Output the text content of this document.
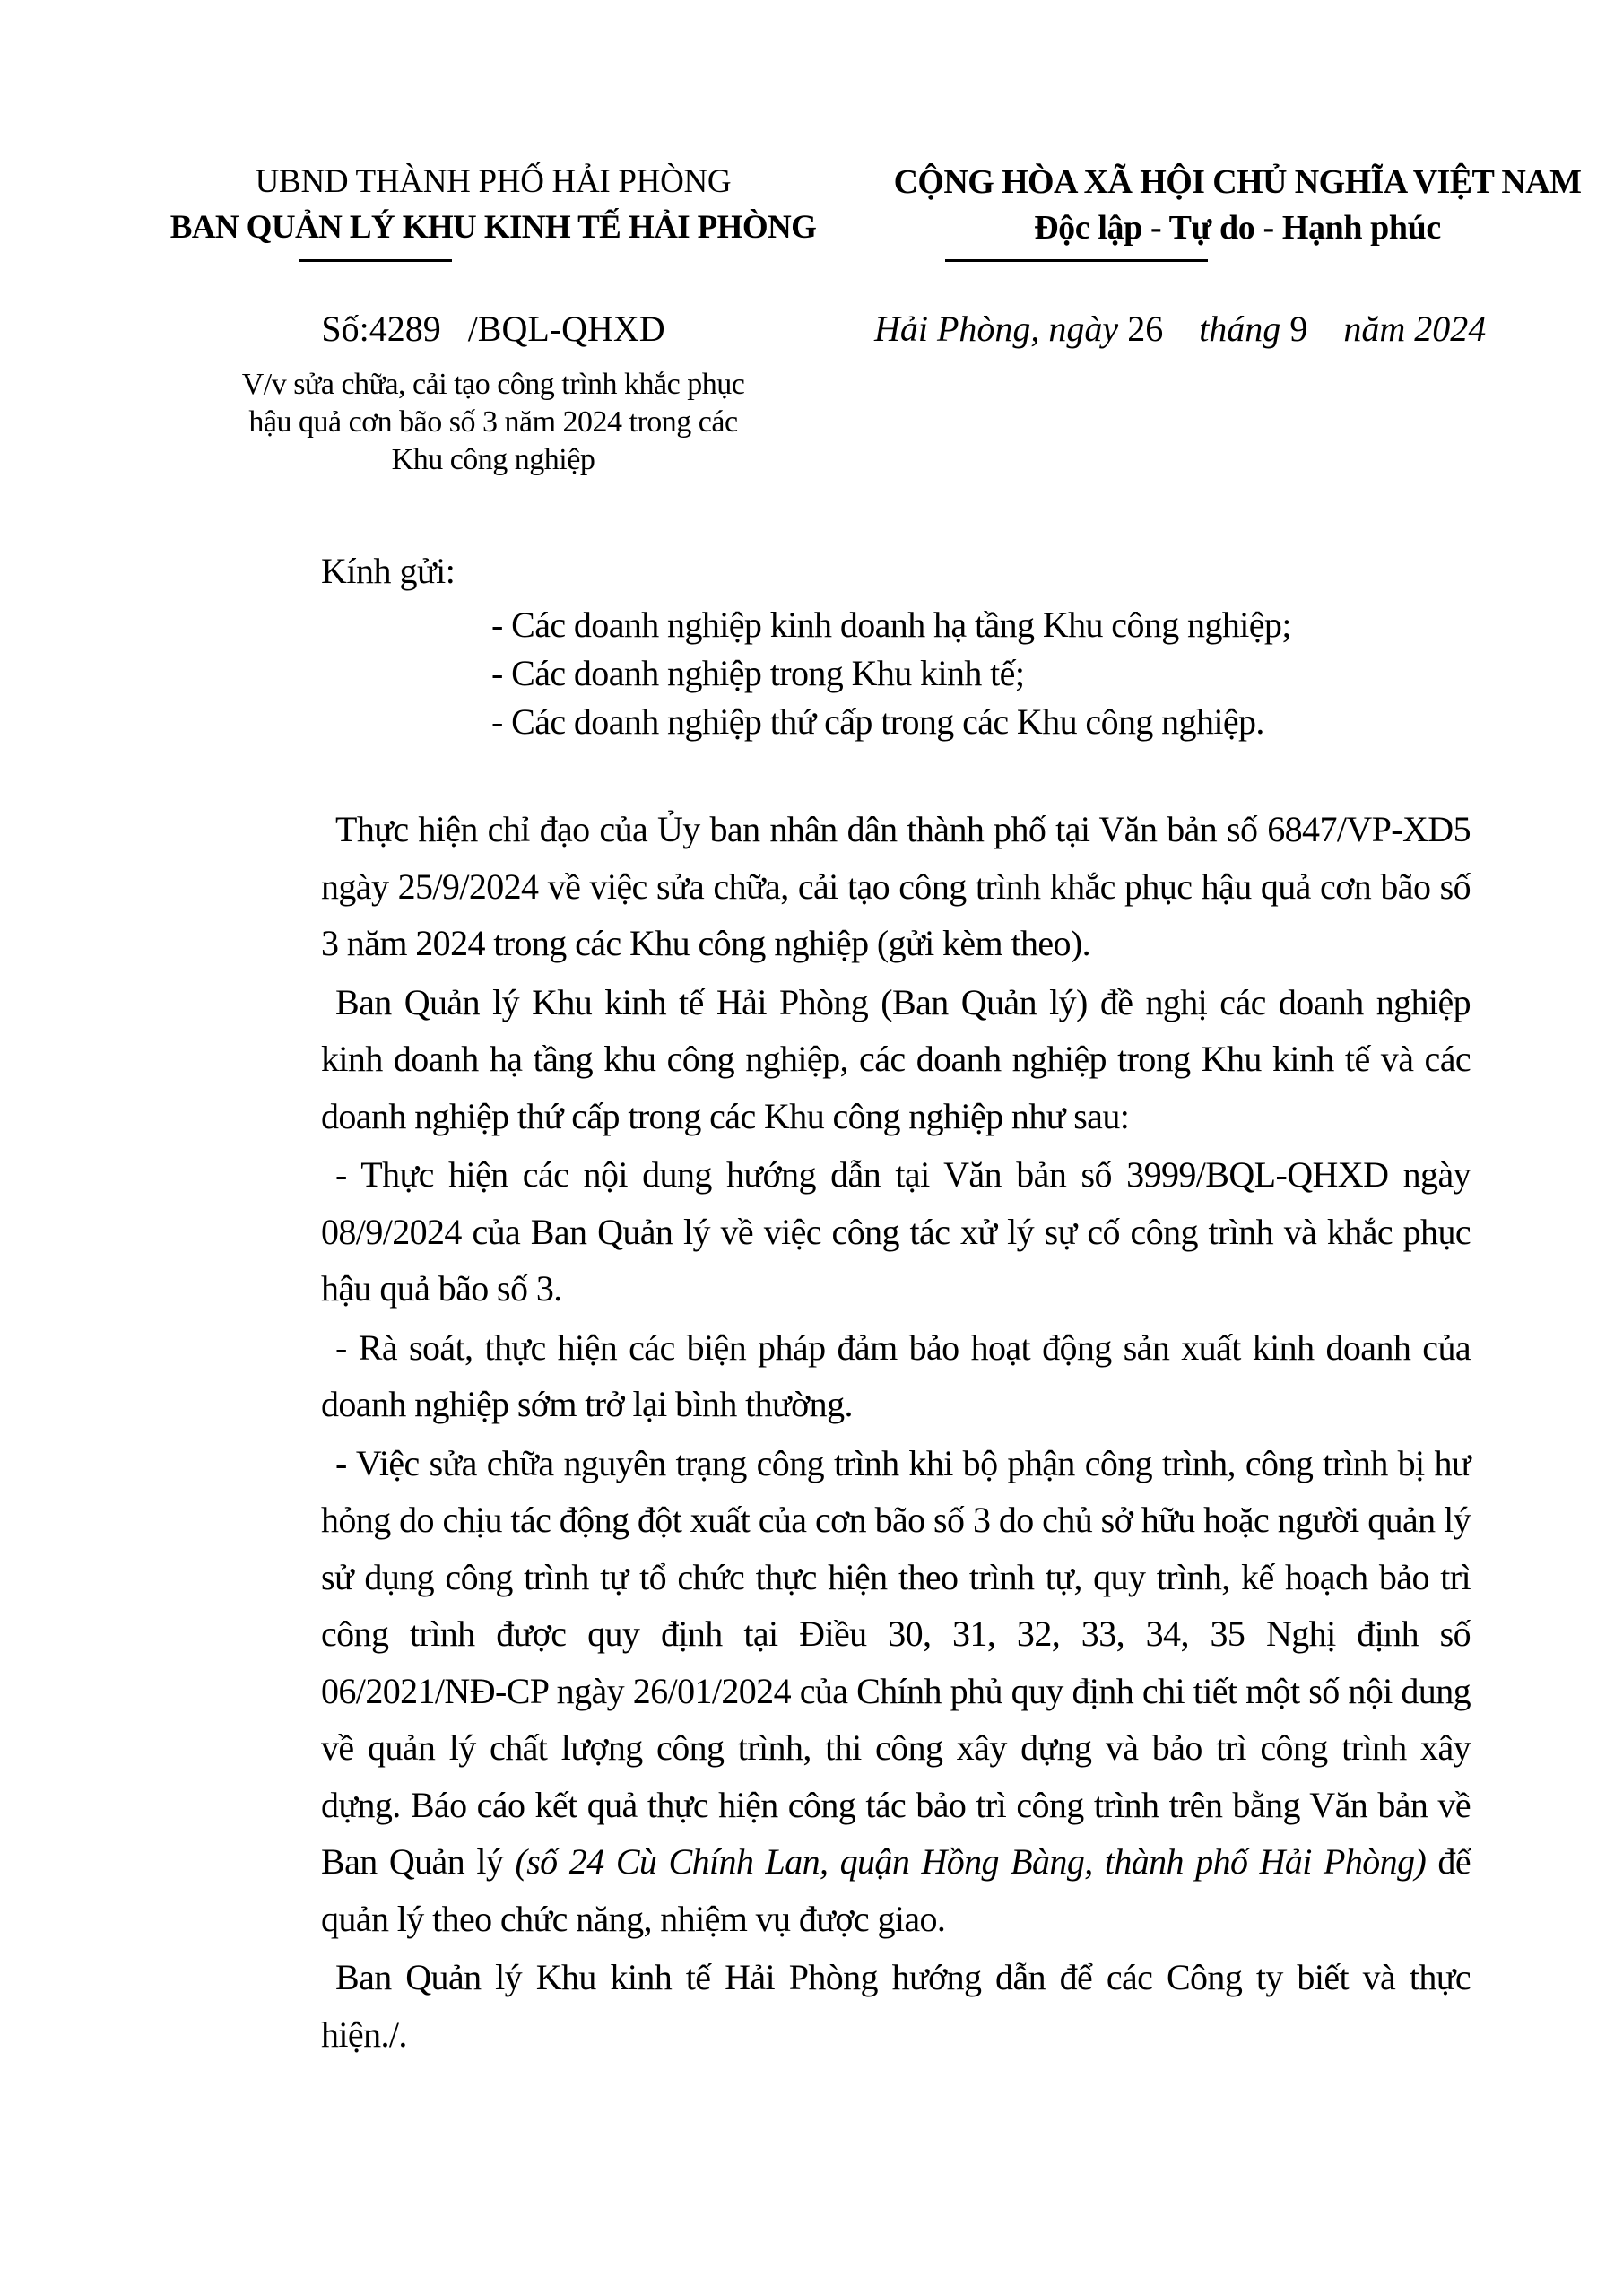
UBND THÀNH PHỐ HẢI PHÒNG
BAN QUẢN LÝ KHU KINH TẾ HẢI PHÒNG
CỘNG HÒA XÃ HỘI CHỦ NGHĨA VIỆT NAM
Độc lập - Tự do - Hạnh phúc
Số:4289   /BQL-QHXD	Hải Phòng, ngày 26 tháng 9 năm 2024
V/v sửa chữa, cải tạo công trình khắc phục
hậu quả cơn bão số 3 năm 2024 trong các
Khu công nghiệp
Kính gửi:
- Các doanh nghiệp kinh doanh hạ tầng Khu công nghiệp;
- Các doanh nghiệp trong Khu kinh tế;
- Các doanh nghiệp thứ cấp trong các Khu công nghiệp.

Thực hiện chỉ đạo của Ủy ban nhân dân thành phố tại Văn bản số 6847/VP-XD5 ngày 25/9/2024 về việc sửa chữa, cải tạo công trình khắc phục hậu quả cơn bão số 3 năm 2024 trong các Khu công nghiệp (gửi kèm theo).

Ban Quản lý Khu kinh tế Hải Phòng (Ban Quản lý) đề nghị các doanh nghiệp kinh doanh hạ tầng khu công nghiệp, các doanh nghiệp trong Khu kinh tế và các doanh nghiệp thứ cấp trong các Khu công nghiệp như sau:

- Thực hiện các nội dung hướng dẫn tại Văn bản số 3999/BQL-QHXD ngày 08/9/2024 của Ban Quản lý về việc công tác xử lý sự cố công trình và khắc phục hậu quả bão số 3.

- Rà soát, thực hiện các biện pháp đảm bảo hoạt động sản xuất kinh doanh của doanh nghiệp sớm trở lại bình thường.

- Việc sửa chữa nguyên trạng công trình khi bộ phận công trình, công trình bị hư hỏng do chịu tác động đột xuất của cơn bão số 3 do chủ sở hữu hoặc người quản lý sử dụng công trình tự tổ chức thực hiện theo trình tự, quy trình, kế hoạch bảo trì công trình được quy định tại Điều 30, 31, 32, 33, 34, 35 Nghị định số 06/2021/NĐ-CP ngày 26/01/2024 của Chính phủ quy định chi tiết một số nội dung về quản lý chất lượng công trình, thi công xây dựng và bảo trì công trình xây dựng. Báo cáo kết quả thực hiện công tác bảo trì công trình trên bằng Văn bản về Ban Quản lý (số 24 Cù Chính Lan, quận Hồng Bàng, thành phố Hải Phòng) để quản lý theo chức năng, nhiệm vụ được giao.

Ban Quản lý Khu kinh tế Hải Phòng hướng dẫn để các Công ty biết và thực hiện./.
